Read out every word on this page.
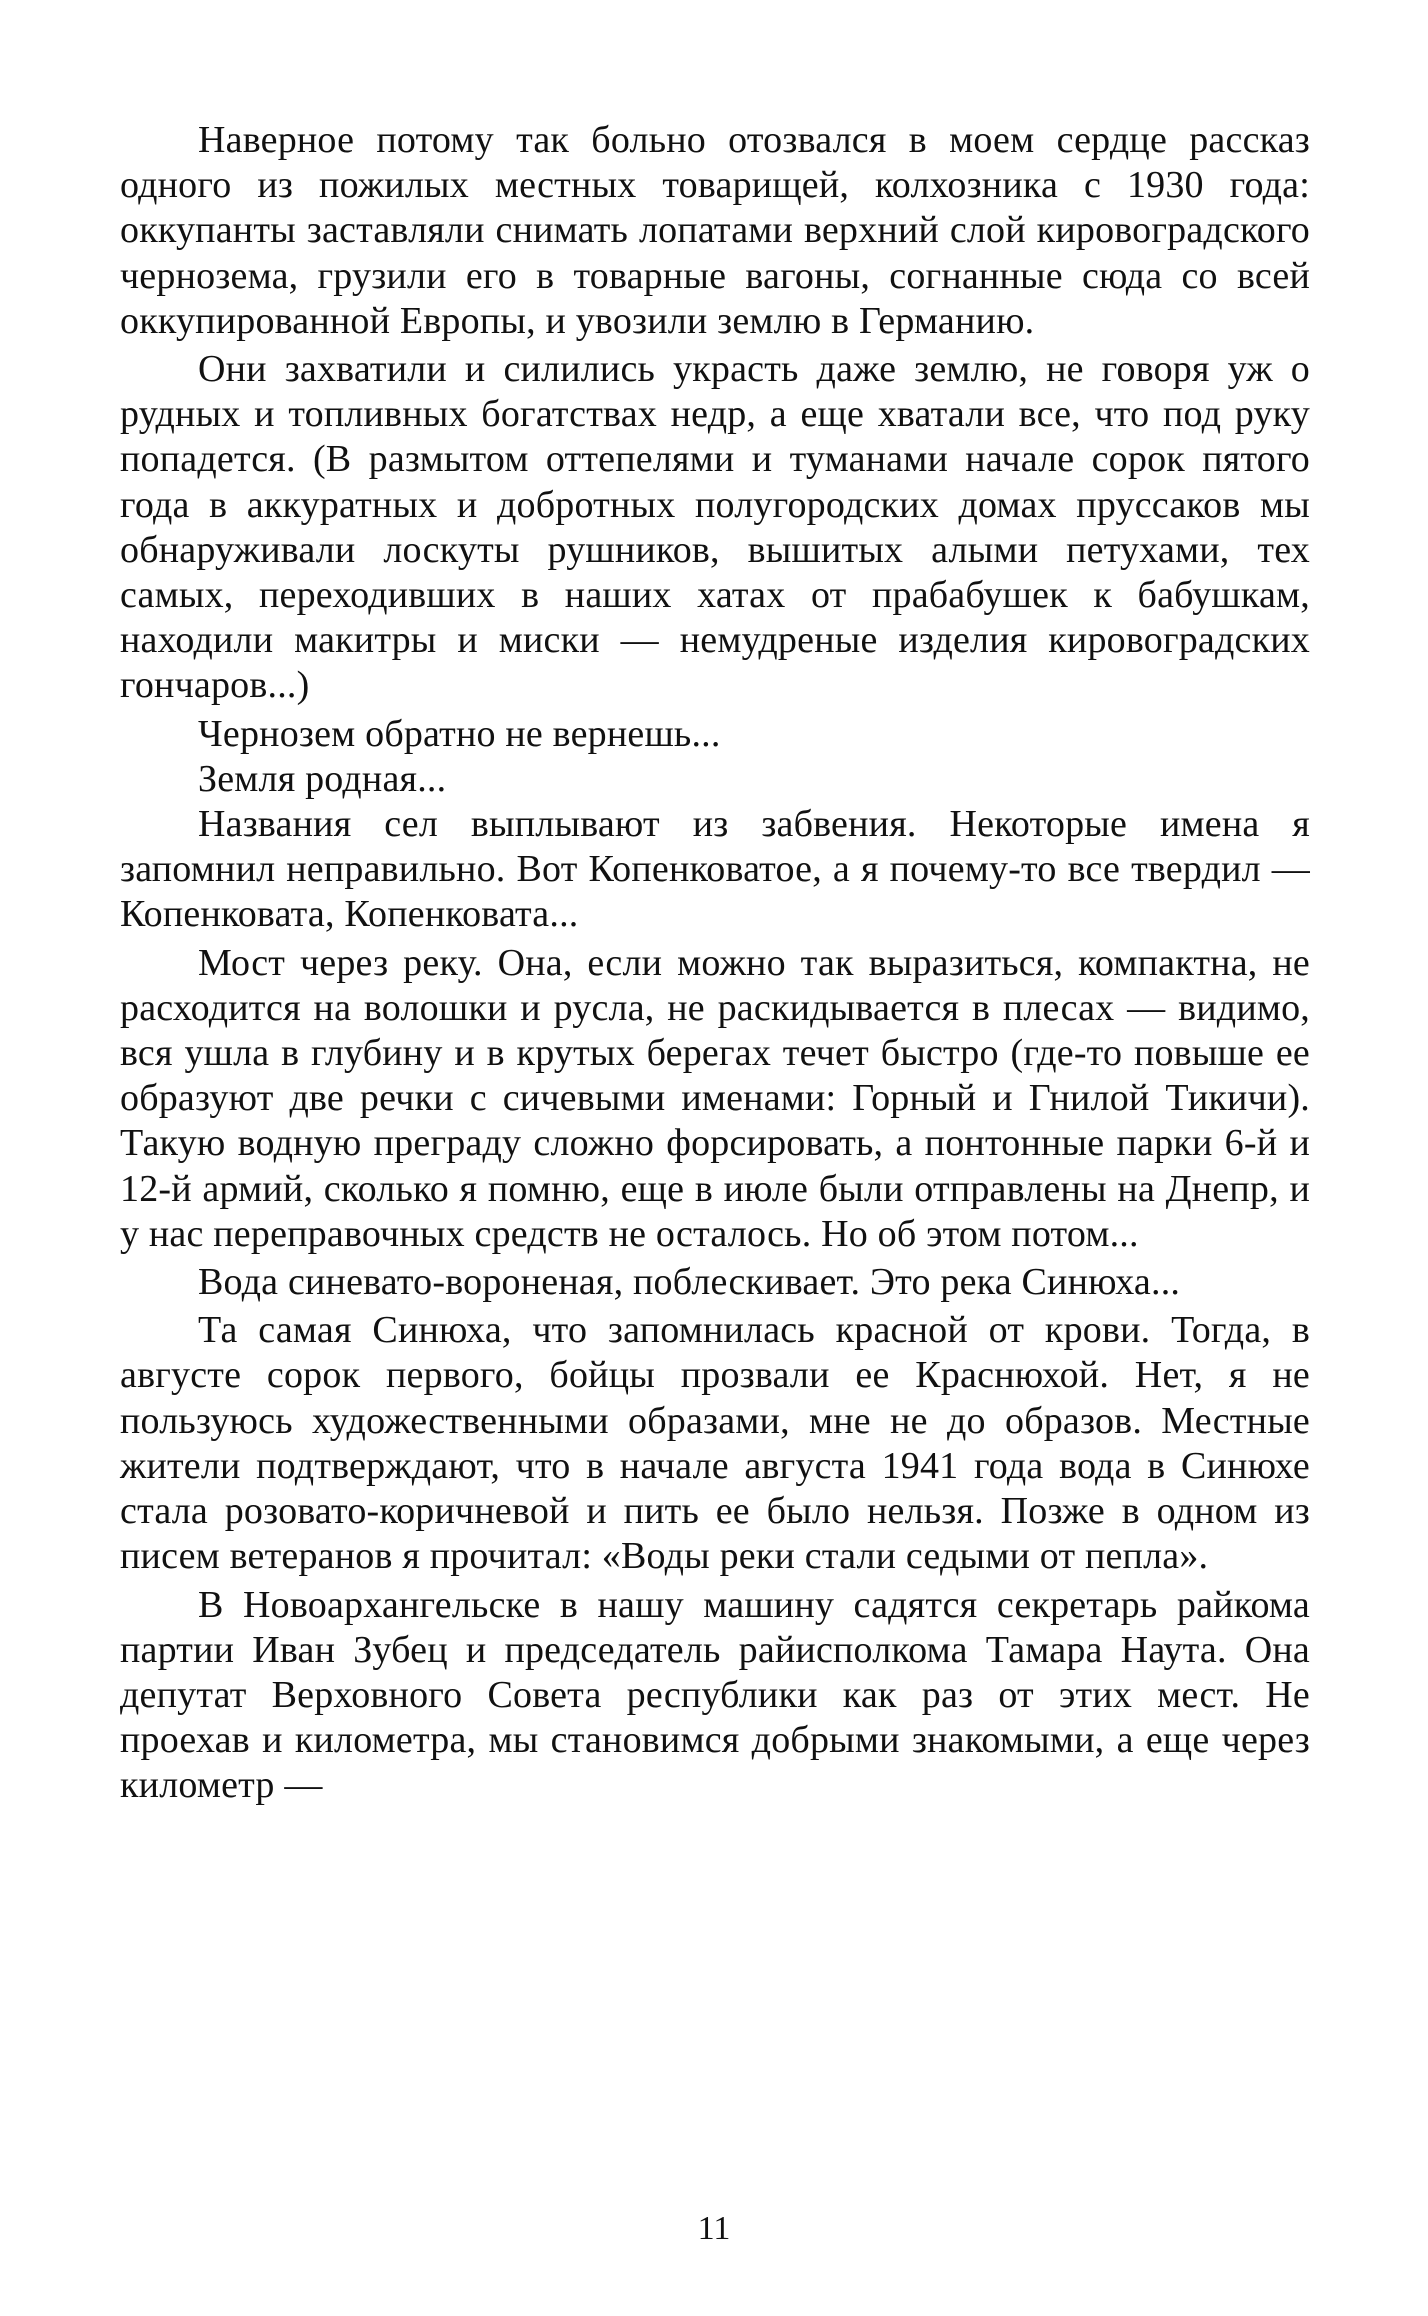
Наверное потому так больно отозвался в моем сердце рассказ одного из пожилых местных товарищей, колхозника с 1930 года: оккупанты заставляли снимать лопатами верхний слой кировоградского чернозема, грузили его в товарные вагоны, согнанные сюда со всей оккупированной Европы, и увозили землю в Германию.

Они захватили и силились украсть даже землю, не говоря уж о рудных и топливных богатствах недр, а еще хватали все, что под руку попадется. (В размытом оттепелями и туманами начале сорок пятого года в аккуратных и добротных полугородских домах пруссаков мы обнаруживали лоскуты рушников, вышитых алыми петухами, тех самых, переходивших в наших хатах от прабабушек к бабушкам, находили макитры и миски — немудреные изделия кировоградских гончаров...)

Чернозем обратно не вернешь...

Земля родная...

Названия сел выплывают из забвения. Некоторые имена я запомнил неправильно. Вот Копенковатое, а я почему-то все твердил — Копенковата, Копенковата...

Мост через реку. Она, если можно так выразиться, компактна, не расходится на волошки и русла, не раскидывается в плесах — видимо, вся ушла в глубину и в крутых берегах течет быстро (где-то повыше ее образуют две речки с сичевыми именами: Горный и Гнилой Тикичи). Такую водную преграду сложно форсировать, а понтонные парки 6-й и 12-й армий, сколько я помню, еще в июле были отправлены на Днепр, и у нас переправочных средств не осталось. Но об этом потом...

Вода синевато-вороненая, поблескивает. Это река Синюха...

Та самая Синюха, что запомнилась красной от крови. Тогда, в августе сорок первого, бойцы прозвали ее Краснюхой. Нет, я не пользуюсь художественными образами, мне не до образов. Местные жители подтверждают, что в начале августа 1941 года вода в Синюхе стала розовато-коричневой и пить ее было нельзя. Позже в одном из писем ветеранов я прочитал: «Воды реки стали седыми от пепла».

В Новоархангельске в нашу машину садятся секретарь райкома партии Иван Зубец и председатель райисполкома Тамара Наута. Она депутат Верховного Совета республики как раз от этих мест. Не проехав и километра, мы становимся добрыми знакомыми, а еще через километр —

11
